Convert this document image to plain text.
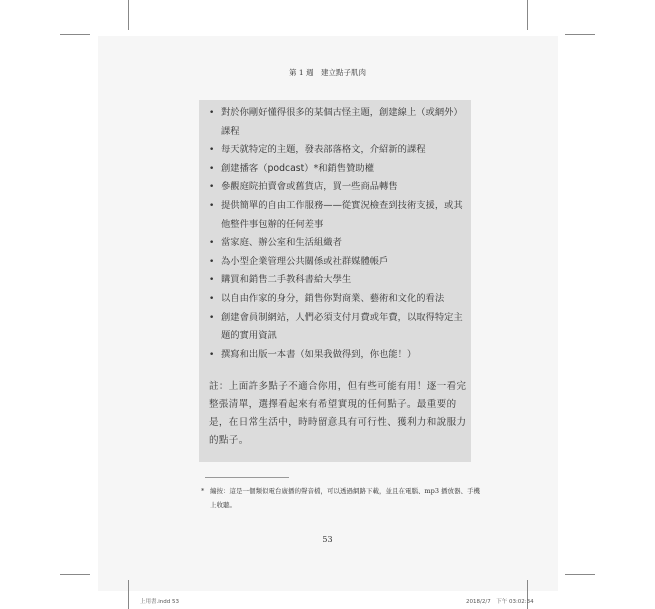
第 1 週　建立點子肌肉
• 對於你剛好懂得很多的某個古怪主題，創建線上（或網外）課程
• 每天就特定的主題，發表部落格文，介紹新的課程
• 創建播客（podcast）*和銷售贊助權
• 參觀庭院拍賣會或舊貨店，買一些商品轉售
• 提供簡單的自由工作服務——從實況檢查到技術支援，或其他整件事包辦的任何差事
• 當家庭、辦公室和生活組織者
• 為小型企業管理公共關係或社群媒體帳戶
• 購買和銷售二手教科書給大學生
• 以自由作家的身分，銷售你對商業、藝術和文化的看法
• 創建會員制網站，人們必須支付月費或年費，以取得特定主題的實用資訊
• 撰寫和出版一本書（如果我做得到，你也能！）
註：上面許多點子不適合你用，但有些可能有用！逐一看完整張清單，選擇看起來有希望實現的任何點子。最重要的是，在日常生活中，時時留意具有可行性、獲利力和說服力的點子。
* 編按：這是一個類似電台廣播的聲音檔，可以透過網路下載，並且在電腦、mp3 播放器、手機上收聽。
53
上用書.indd 53	2018/2/7　下午 03:02:34
